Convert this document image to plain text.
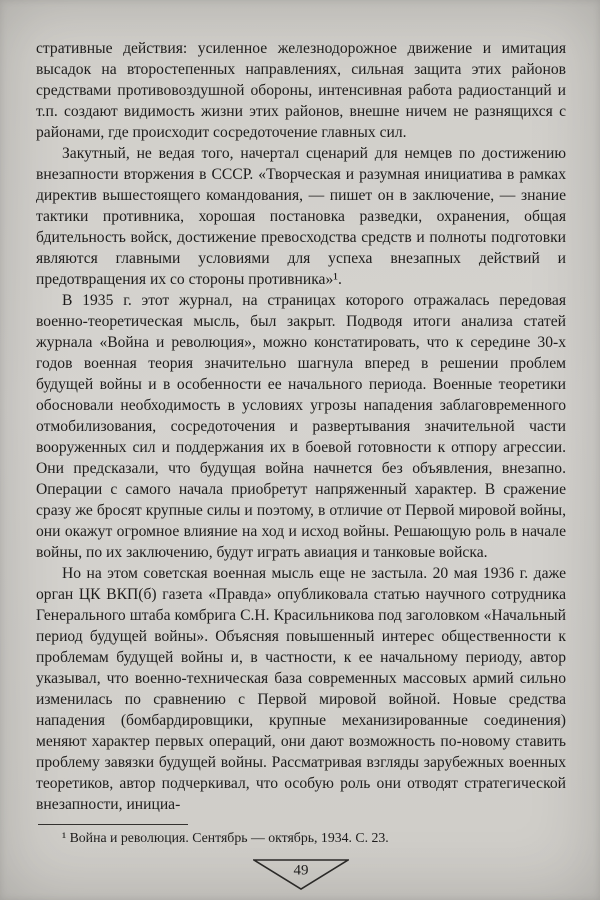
стративные действия: усиленное железнодорожное движение и имитация высадок на второстепенных направлениях, сильная защита этих районов средствами противовоздушной обороны, интенсивная работа радиостанций и т.п. создают видимость жизни этих районов, внешне ничем не разнящихся с районами, где происходит сосредоточение главных сил.

Закутный, не ведая того, начертал сценарий для немцев по достижению внезапности вторжения в СССР. «Творческая и разумная инициатива в рамках директив вышестоящего командования, — пишет он в заключение, — знание тактики противника, хорошая постановка разведки, охранения, общая бдительность войск, достижение превосходства средств и полноты подготовки являются главными условиями для успеха внезапных действий и предотвращения их со стороны противника»¹.

В 1935 г. этот журнал, на страницах которого отражалась передовая военно-теоретическая мысль, был закрыт. Подводя итоги анализа статей журнала «Война и революция», можно констатировать, что к середине 30-х годов военная теория значительно шагнула вперед в решении проблем будущей войны и в особенности ее начального периода. Военные теоретики обосновали необходимость в условиях угрозы нападения заблаговременного отмобилизования, сосредоточения и развертывания значительной части вооруженных сил и поддержания их в боевой готовности к отпору агрессии. Они предсказали, что будущая война начнется без объявления, внезапно. Операции с самого начала приобретут напряженный характер. В сражение сразу же бросят крупные силы и поэтому, в отличие от Первой мировой войны, они окажут огромное влияние на ход и исход войны. Решающую роль в начале войны, по их заключению, будут играть авиация и танковые войска.

Но на этом советская военная мысль еще не застыла. 20 мая 1936 г. даже орган ЦК ВКП(б) газета «Правда» опубликовала статью научного сотрудника Генерального штаба комбрига С.Н. Красильникова под заголовком «Начальный период будущей войны». Объясняя повышенный интерес общественности к проблемам будущей войны и, в частности, к ее начальному периоду, автор указывал, что военно-техническая база современных массовых армий сильно изменилась по сравнению с Первой мировой войной. Новые средства нападения (бомбардировщики, крупные механизированные соединения) меняют характер первых операций, они дают возможность по-новому ставить проблему завязки будущей войны. Рассматривая взгляды зарубежных военных теоретиков, автор подчеркивал, что особую роль они отводят стратегической внезапности, инициа-

¹ Война и революция. Сентябрь — октябрь, 1934. С. 23.

49
